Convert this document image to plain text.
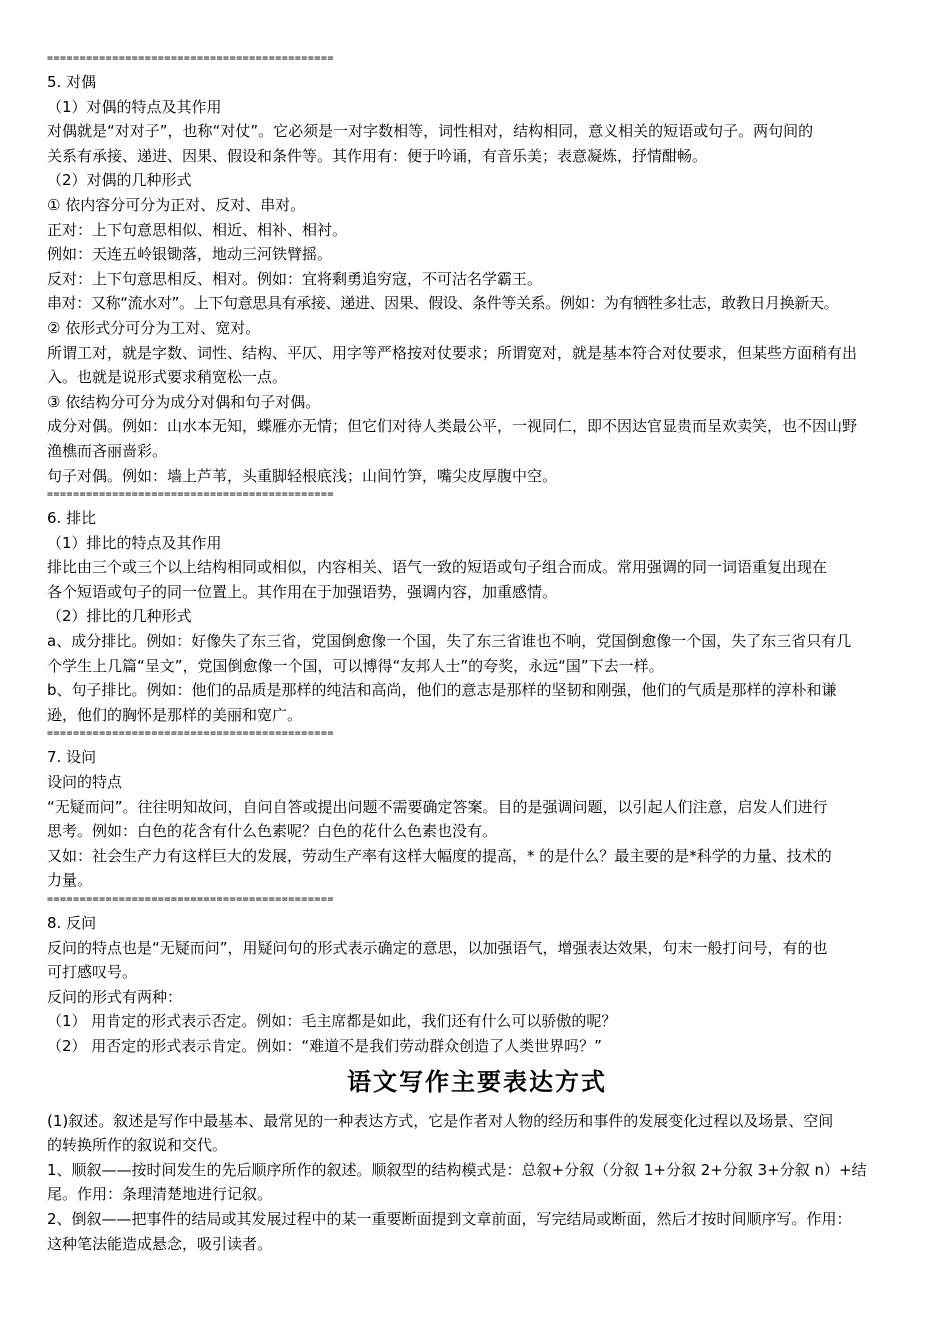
============================================

5. 对偶

（1）对偶的特点及其作用

对偶就是“对对子”，也称“对仗”。它必须是一对字数相等，词性相对，结构相同，意义相关的短语或句子。两句间的

关系有承接、递进、因果、假设和条件等。其作用有：便于吟诵，有音乐美；表意凝炼，抒情酣畅。

（2）对偶的几种形式

① 依内容分可分为正对、反对、串对。

正对：上下句意思相似、相近、相补、相衬。

例如：天连五岭银锄落，地动三河铁臂摇。

反对：上下句意思相反、相对。例如：宜将剩勇追穷寇，不可沽名学霸王。

串对：又称“流水对”。上下句意思具有承接、递进、因果、假设、条件等关系。例如：为有牺牲多壮志，敢教日月换新天。

② 依形式分可分为工对、宽对。

所谓工对，就是字数、词性、结构、平仄、用字等严格按对仗要求；所谓宽对，就是基本符合对仗要求，但某些方面稍有出

入。也就是说形式要求稍宽松一点。

③ 依结构分可分为成分对偶和句子对偶。

成分对偶。例如：山水本无知，蝶雁亦无情；但它们对待人类最公平，一视同仁，即不因达官显贵而呈欢卖笑，也不因山野

渔樵而吝丽啬彩。

句子对偶。例如：墙上芦苇，头重脚轻根底浅；山间竹笋，嘴尖皮厚腹中空。

============================================

6. 排比

（1）排比的特点及其作用

排比由三个或三个以上结构相同或相似，内容相关、语气一致的短语或句子组合而成。常用强调的同一词语重复出现在

各个短语或句子的同一位置上。其作用在于加强语势，强调内容，加重感情。

（2）排比的几种形式

a、成分排比。例如：好像失了东三省，党国倒愈像一个国，失了东三省谁也不响，党国倒愈像一个国，失了东三省只有几

个学生上几篇“呈文”，党国倒愈像一个国，可以博得“友邦人士”的夸奖，永远“国”下去一样。

b、句子排比。例如：他们的品质是那样的纯洁和高尚，他们的意志是那样的坚韧和刚强，他们的气质是那样的淳朴和谦

逊，他们的胸怀是那样的美丽和宽广。

============================================

7. 设问

设问的特点

“无疑而问”。往往明知故问，自问自答或提出问题不需要确定答案。目的是强调问题，以引起人们注意，启发人们进行

思考。例如：白色的花含有什么色素呢？白色的花什么色素也没有。

又如：社会生产力有这样巨大的发展，劳动生产率有这样大幅度的提高，* 的是什么？最主要的是*科学的力量、技术的

力量。

============================================

8. 反问

反问的特点也是“无疑而问”，用疑问句的形式表示确定的意思，以加强语气，增强表达效果，句末一般打问号，有的也

可打感叹号。

反问的形式有两种：

（1） 用肯定的形式表示否定。例如：毛主席都是如此，我们还有什么可以骄傲的呢？

（2） 用否定的形式表示肯定。例如：“难道不是我们劳动群众创造了人类世界吗？”

语文写作主要表达方式

(1)叙述。叙述是写作中最基本、最常见的一种表达方式，它是作者对人物的经历和事件的发展变化过程以及场景、空间

的转换所作的叙说和交代。

1、顺叙——按时间发生的先后顺序所作的叙述。顺叙型的结构模式是：总叙+分叙（分叙 1+分叙 2+分叙 3+分叙 n）+结

尾。作用：条理清楚地进行记叙。

2、倒叙——把事件的结局或其发展过程中的某一重要断面提到文章前面，写完结局或断面，然后才按时间顺序写。作用：

这种笔法能造成悬念，吸引读者。
